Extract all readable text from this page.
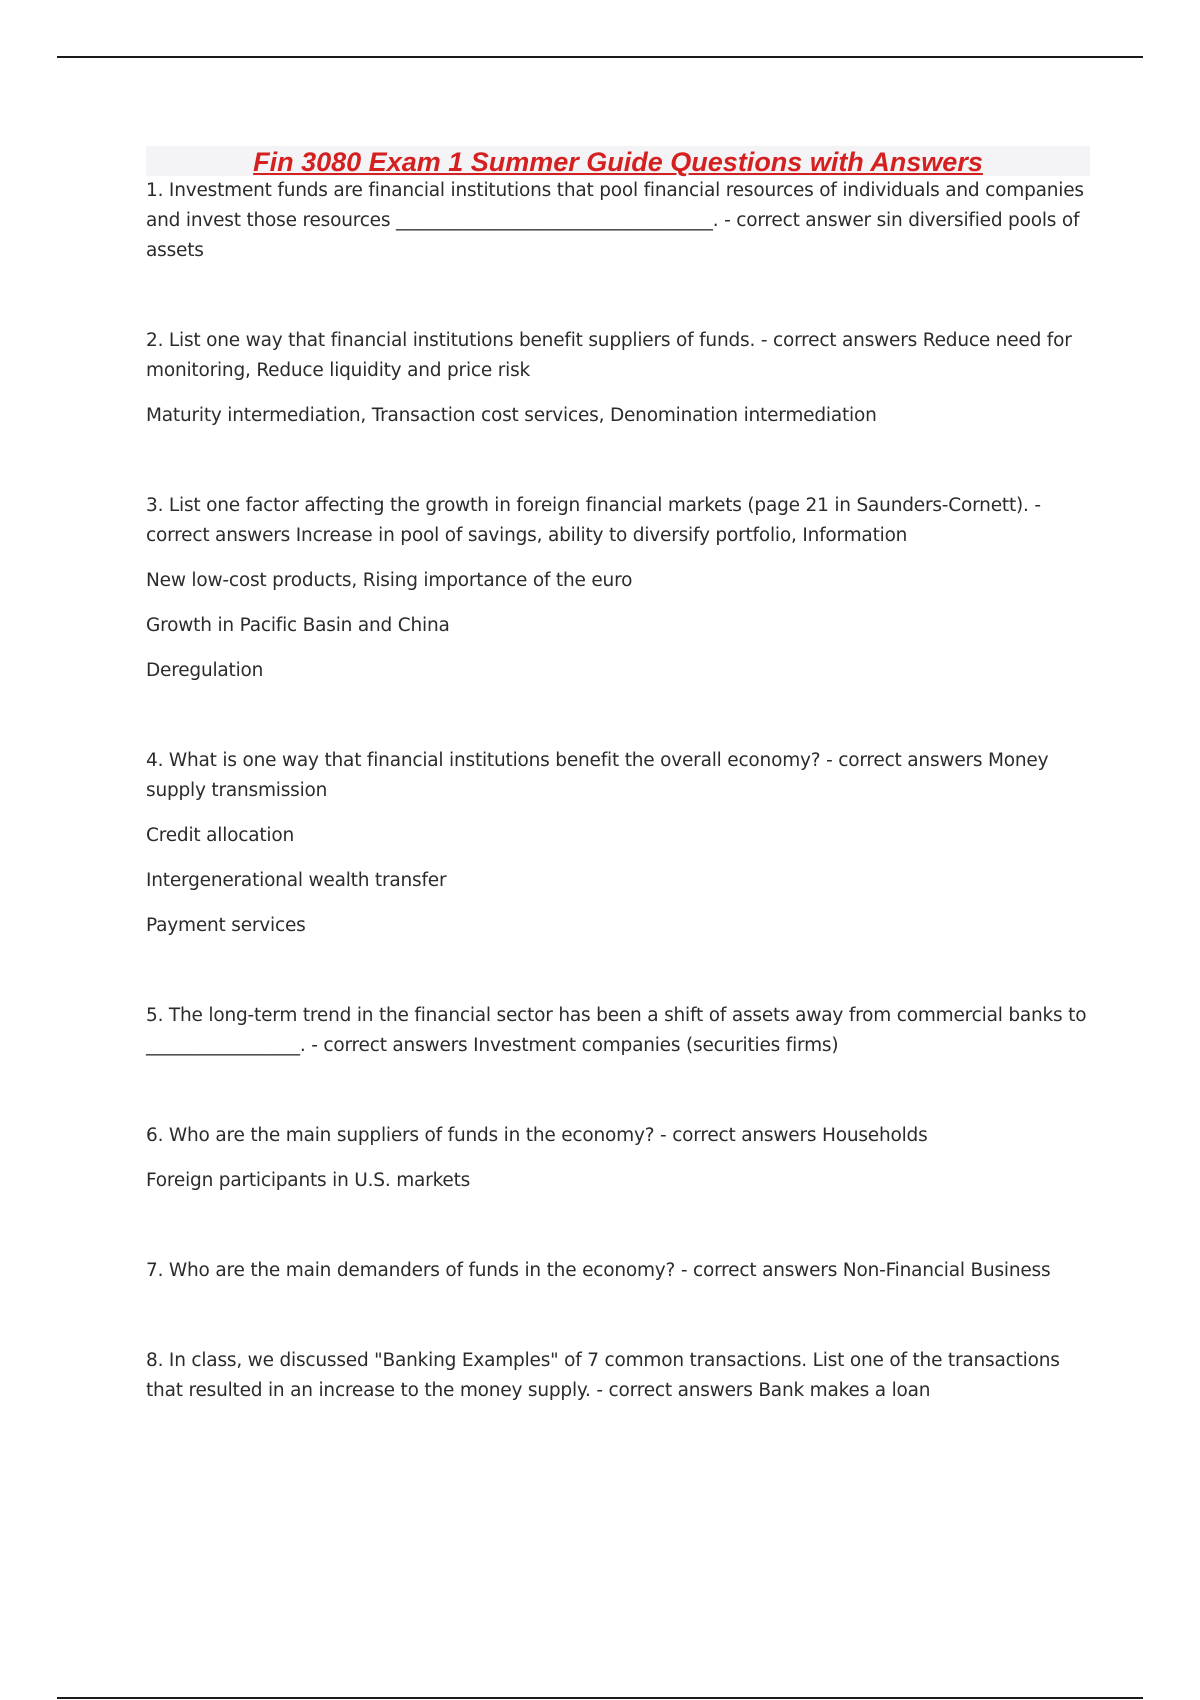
Fin 3080 Exam 1 Summer Guide Questions with Answers

1. Investment funds are financial institutions that pool financial resources of individuals and companies and invest those resources ___________________________________. - correct answer sin diversified pools of assets

2. List one way that financial institutions benefit suppliers of funds. - correct answers Reduce need for monitoring, Reduce liquidity and price risk

Maturity intermediation, Transaction cost services, Denomination intermediation

3. List one factor affecting the growth in foreign financial markets (page 21 in Saunders-Cornett). - correct answers Increase in pool of savings, ability to diversify portfolio, Information

New low-cost products, Rising importance of the euro

Growth in Pacific Basin and China

Deregulation

4. What is one way that financial institutions benefit the overall economy? - correct answers Money supply transmission

Credit allocation

Intergenerational wealth transfer

Payment services

5. The long-term trend in the financial sector has been a shift of assets away from commercial banks to _________________. - correct answers Investment companies (securities firms)

6. Who are the main suppliers of funds in the economy? - correct answers Households

Foreign participants in U.S. markets

7. Who are the main demanders of funds in the economy? - correct answers Non-Financial Business

8. In class, we discussed "Banking Examples" of 7 common transactions. List one of the transactions that resulted in an increase to the money supply. - correct answers Bank makes a loan
